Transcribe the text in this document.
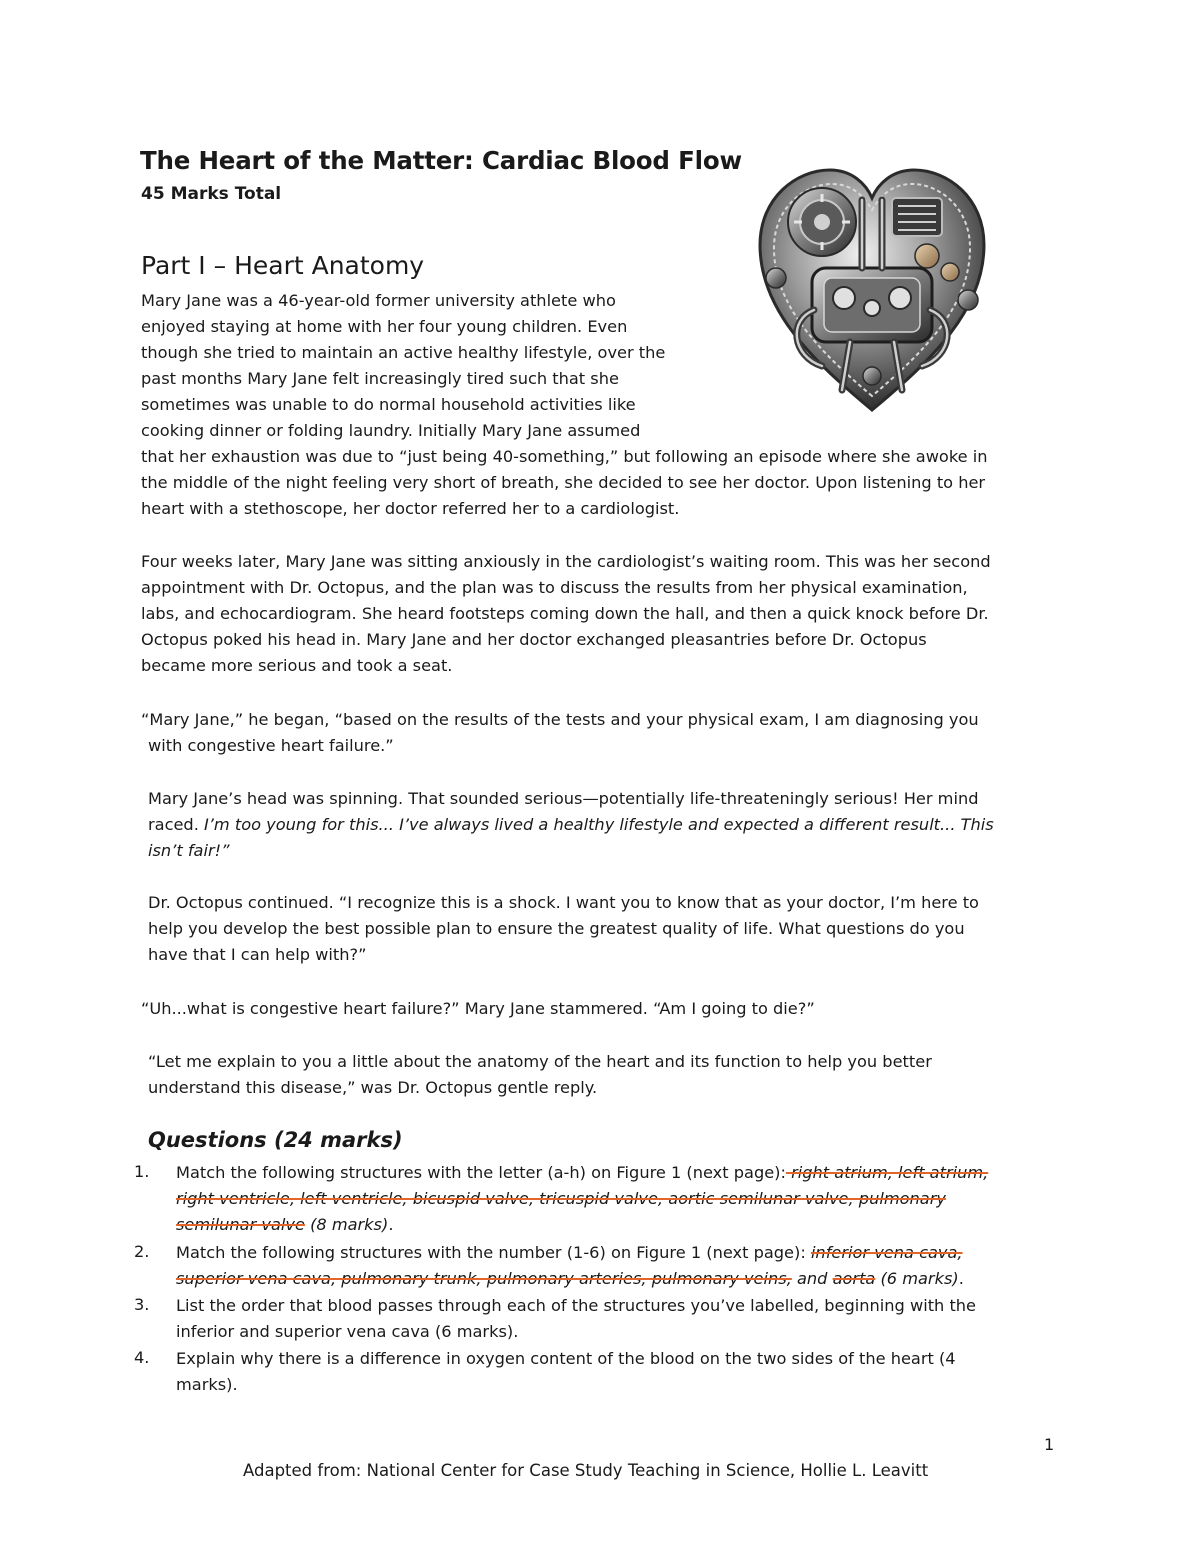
The Heart of the Matter: Cardiac Blood Flow
45 Marks Total
Part I – Heart Anatomy
Mary Jane was a 46-year-old former university athlete who
enjoyed staying at home with her four young children. Even
though she tried to maintain an active healthy lifestyle, over the
past months Mary Jane felt increasingly tired such that she
sometimes was unable to do normal household activities like
cooking dinner or folding laundry. Initially Mary Jane assumed
that her exhaustion was due to “just being 40-something,” but following an episode where she awoke in
the middle of the night feeling very short of breath, she decided to see her doctor. Upon listening to her
heart with a stethoscope, her doctor referred her to a cardiologist.
Four weeks later, Mary Jane was sitting anxiously in the cardiologist’s waiting room. This was her second
appointment with Dr. Octopus, and the plan was to discuss the results from her physical examination,
labs, and echocardiogram. She heard footsteps coming down the hall, and then a quick knock before Dr.
Octopus poked his head in. Mary Jane and her doctor exchanged pleasantries before Dr. Octopus
became more serious and took a seat.
“Mary Jane,” he began, “based on the results of the tests and your physical exam, I am diagnosing you
with congestive heart failure.”
Mary Jane’s head was spinning. That sounded serious—potentially life-threateningly serious! Her mind
raced. I’m too young for this... I’ve always lived a healthy lifestyle and expected a different result... This
isn’t fair!”
Dr. Octopus continued. “I recognize this is a shock. I want you to know that as your doctor, I’m here to
help you develop the best possible plan to ensure the greatest quality of life. What questions do you
have that I can help with?”
“Uh...what is congestive heart failure?” Mary Jane stammered. “Am I going to die?”
“Let me explain to you a little about the anatomy of the heart and its function to help you better
understand this disease,” was Dr. Octopus gentle reply.
Questions (24 marks)
1. Match the following structures with the letter (a-h) on Figure 1 (next page): right atrium, left atrium,
right ventricle, left ventricle, bicuspid valve, tricuspid valve, aortic semilunar valve, pulmonary
semilunar valve (8 marks).
2. Match the following structures with the number (1-6) on Figure 1 (next page): inferior vena cava,
superior vena cava, pulmonary trunk, pulmonary arteries, pulmonary veins, and aorta (6 marks).
3. List the order that blood passes through each of the structures you’ve labelled, beginning with the
inferior and superior vena cava (6 marks).
4. Explain why there is a difference in oxygen content of the blood on the two sides of the heart (4
marks).
1
Adapted from: National Center for Case Study Teaching in Science, Hollie L. Leavitt
